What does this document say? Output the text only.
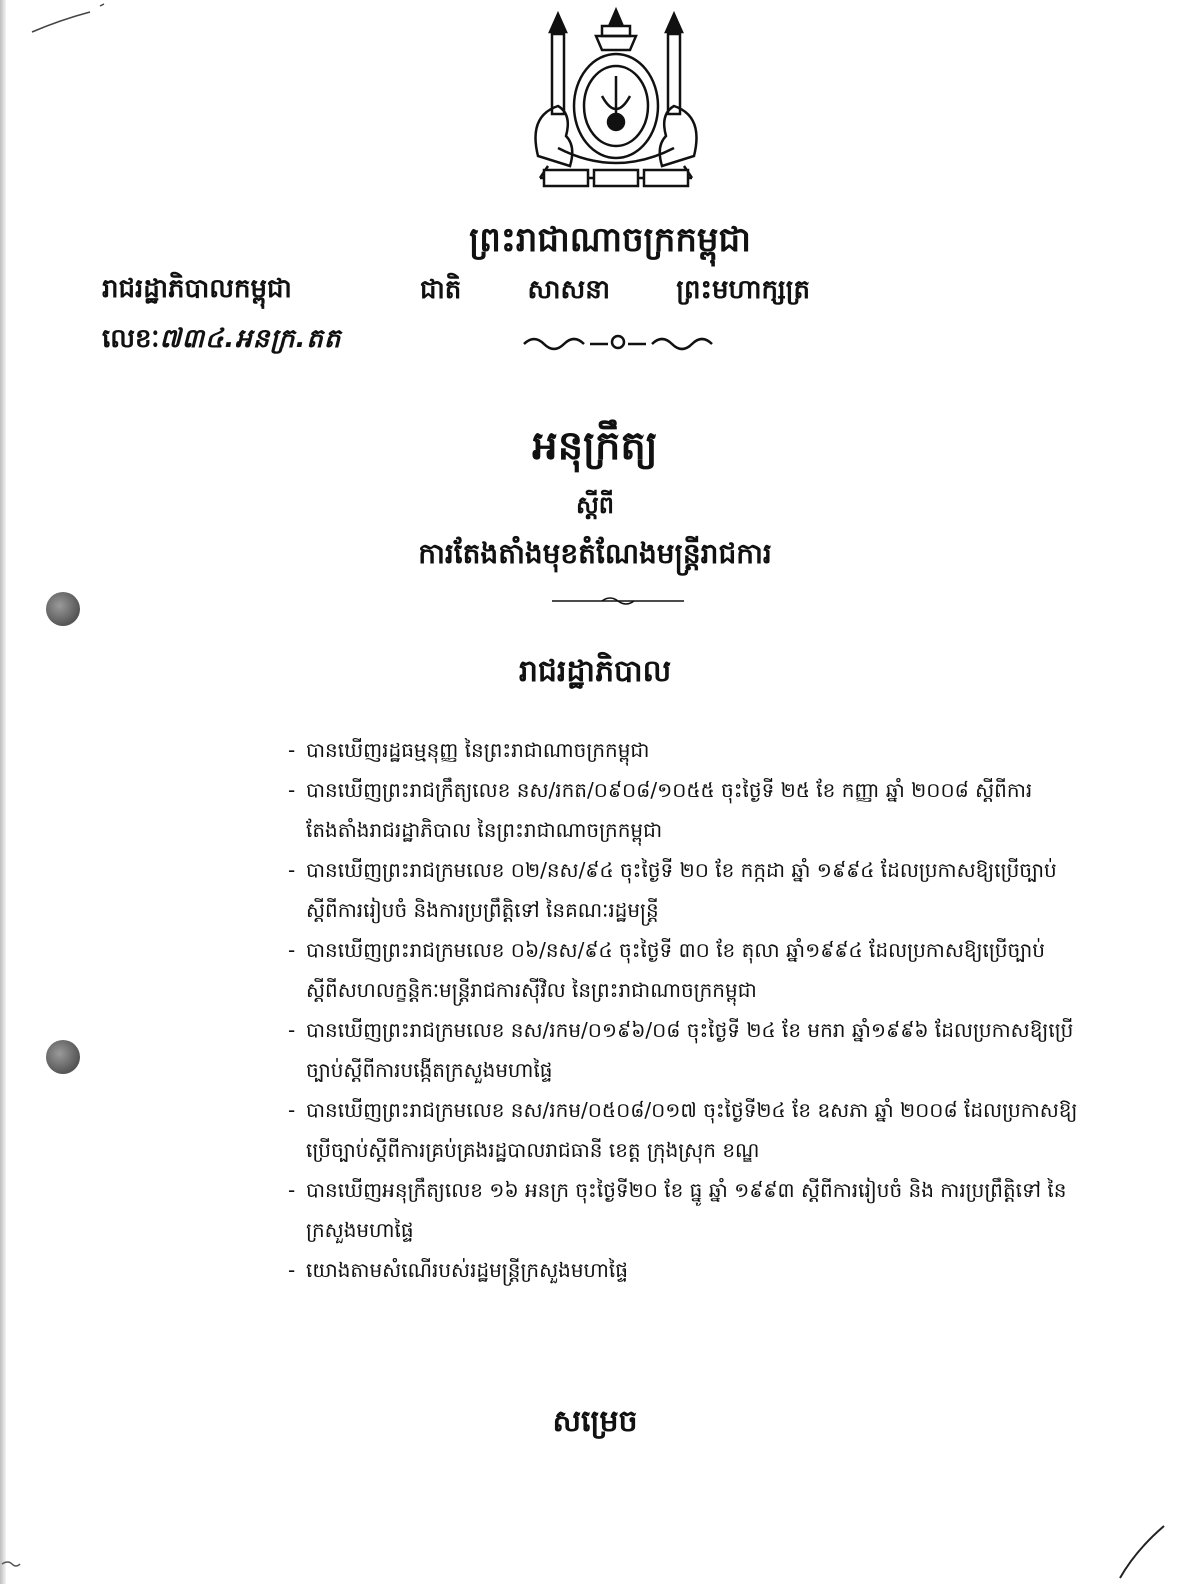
ព្រះរាជាណាចក្រកម្ពុជា
ជាតិ	សាសនា	ព្រះមហាក្សត្រ
រាជរដ្ឋាភិបាលកម្ពុជា
លេខៈ៧៣៤.អនក្រ.តត
អនុក្រឹត្យ
ស្តីពី
ការតែងតាំងមុខតំណែងមន្ត្រីរាជការ
រាជរដ្ឋាភិបាល
- បានឃើញរដ្ឋធម្មនុញ្ញ នៃព្រះរាជាណាចក្រកម្ពុជា
- បានឃើញព្រះរាជក្រឹត្យលេខ នស/រកត/០៩០៨/១០៥៥ ចុះថ្ងៃទី ២៥ ខែ កញ្ញា ឆ្នាំ ២០០៨ ស្តីពីការតែងតាំងរាជរដ្ឋាភិបាល នៃព្រះរាជាណាចក្រកម្ពុជា
- បានឃើញព្រះរាជក្រមលេខ ០២/នស/៩៤ ចុះថ្ងៃទី ២០ ខែ កក្កដា ឆ្នាំ ១៩៩៤ ដែលប្រកាសឱ្យប្រើច្បាប់ស្តីពីការរៀបចំ និងការប្រព្រឹត្តិទៅ នៃគណៈរដ្ឋមន្ត្រី
- បានឃើញព្រះរាជក្រមលេខ ០៦/នស/៩៤ ចុះថ្ងៃទី ៣០ ខែ តុលា ឆ្នាំ១៩៩៤ ដែលប្រកាសឱ្យប្រើច្បាប់ស្តីពីសហលក្ខន្តិកៈមន្ត្រីរាជការស៊ីវិល នៃព្រះរាជាណាចក្រកម្ពុជា
- បានឃើញព្រះរាជក្រមលេខ នស/រកម/០១៩៦/០៨ ចុះថ្ងៃទី ២៤ ខែ មករា ឆ្នាំ១៩៩៦ ដែលប្រកាសឱ្យប្រើច្បាប់ស្តីពីការបង្កើតក្រសួងមហាផ្ទៃ
- បានឃើញព្រះរាជក្រមលេខ នស/រកម/០៥០៨/០១៧ ចុះថ្ងៃទី២៤ ខែ ឧសភា ឆ្នាំ ២០០៨ ដែលប្រកាសឱ្យប្រើច្បាប់ស្តីពីការគ្រប់គ្រងរដ្ឋបាលរាជធានី ខេត្ត ក្រុងស្រុក ខណ្ឌ
- បានឃើញអនុក្រឹត្យលេខ ១៦ អនក្រ ចុះថ្ងៃទី២០ ខែ ធ្នូ ឆ្នាំ ១៩៩៣ ស្តីពីការរៀបចំ និង ការប្រព្រឹត្តិទៅ នៃក្រសួងមហាផ្ទៃ
- យោងតាមសំណើរបស់រដ្ឋមន្ត្រីក្រសួងមហាផ្ទៃ
សម្រេច
